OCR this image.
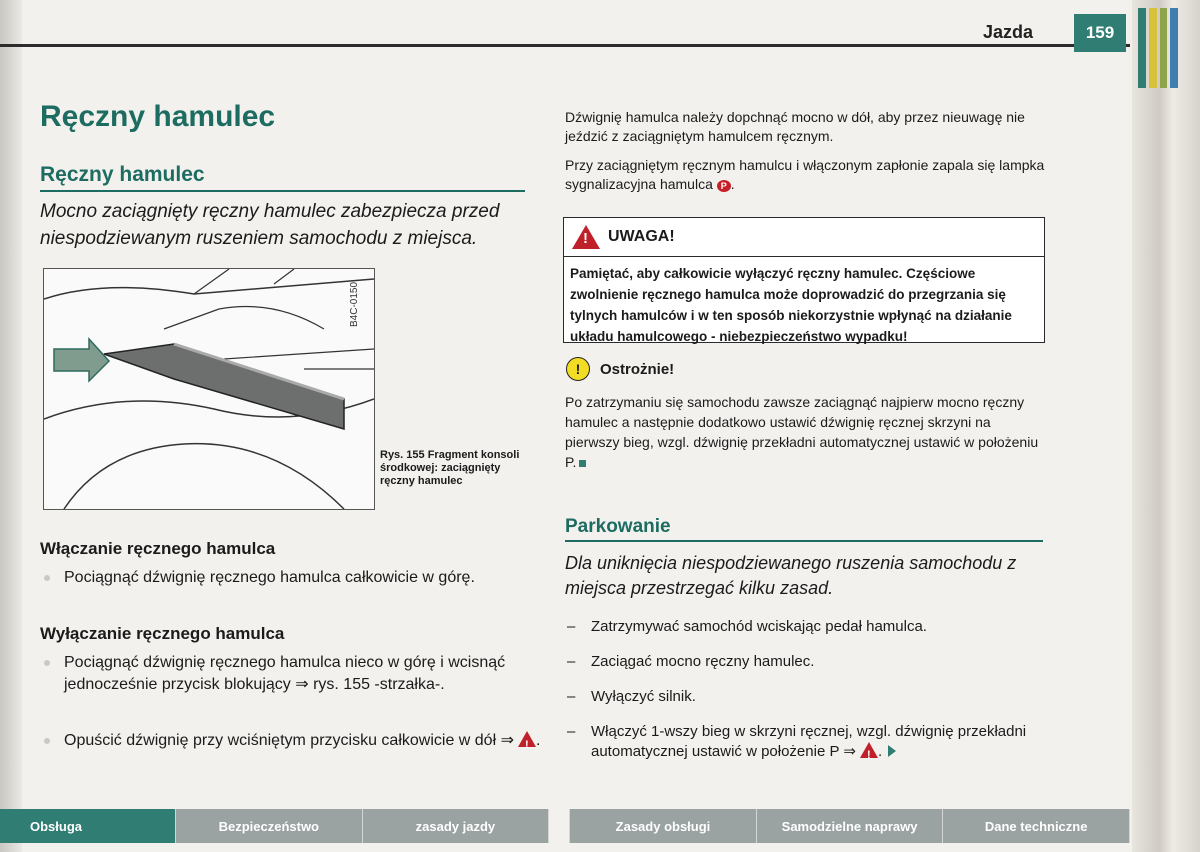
Jazda	159
Ręczny hamulec
Ręczny hamulec
Mocno zaciągnięty ręczny hamulec zabezpiecza przed niespodziewanym ruszeniem samochodu z miejsca.
B4C-0150
Rys. 155 Fragment konsoli środkowej: zaciągnięty ręczny hamulec
Włączanie ręcznego hamulca
Pociągnąć dźwignię ręcznego hamulca całkowicie w górę.
Wyłączanie ręcznego hamulca
Pociągnąć dźwignię ręcznego hamulca nieco w górę i wcisnąć jednocześnie przycisk blokujący ⇒ rys. 155 -strzałka-.
Opuścić dźwignię przy wciśniętym przycisku całkowicie w dół ⇒! .

Dźwignię hamulca należy dopchnąć mocno w dół, aby przez nieuwagę nie jeździć z zaciągniętym hamulcem ręcznym.

Przy zaciągniętym ręcznym hamulcu i włączonym zapłonie zapala się lampka sygnalizacyjna hamulca P .

!
UWAGA!
Pamiętać, aby całkowicie wyłączyć ręczny hamulec. Częściowe zwolnienie ręcznego hamulca może doprowadzić do przegrzania się tylnych hamulców i w ten sposób niekorzystnie wpłynąć na działanie układu hamulcowego - niebezpieczeństwo wypadku!
!	Ostrożnie!
Po zatrzymaniu się samochodu zawsze zaciągnąć najpierw mocno ręczny hamulec a następnie dodatkowo ustawić dźwignię ręcznej skrzyni na pierwszy bieg, wzgl. dźwignię przekładni automatycznej ustawić w położeniu P.
Parkowanie
Dla uniknięcia niespodziewanego ruszenia samochodu z miejsca przestrzegać kilku zasad.
– Zatrzymywać samochód wciskając pedał hamulca.
– Zaciągać mocno ręczny hamulec.
– Wyłączyć silnik.
– Włączyć 1-wszy bieg w skrzyni ręcznej, wzgl. dźwignię przekładni automatycznej ustawić w położenie P ⇒! .
Obsługa	Bezpieczeństwo	zasady jazdy	Zasady obsługi	Samodzielne naprawy	Dane techniczne
